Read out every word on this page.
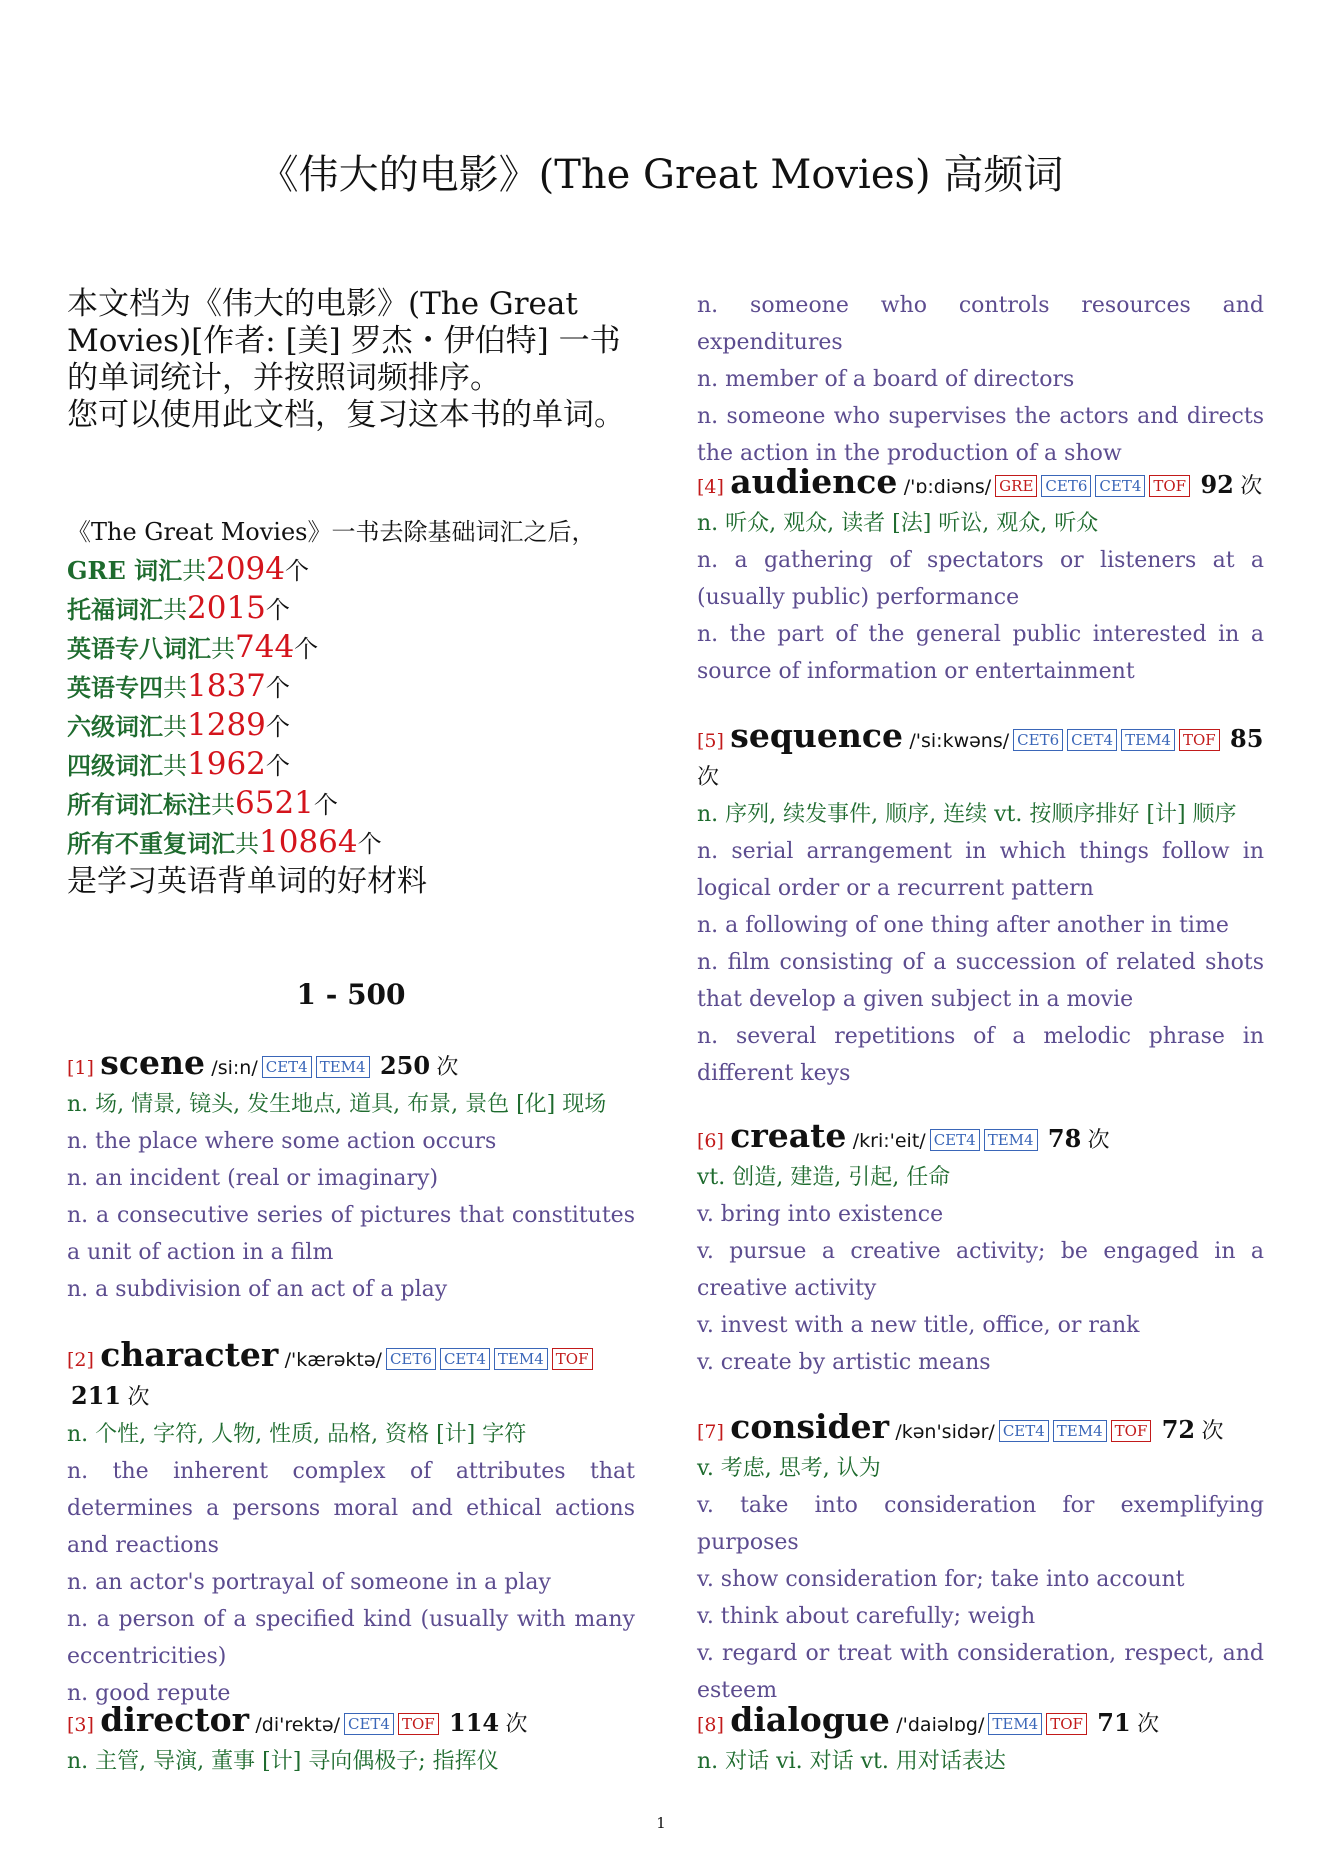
《伟大的电影》(The Great Movies) 高频词
本文档为《伟大的电影》(The Great Movies)[作者: [美] 罗杰・伊伯特] 一书的单词统计，并按照词频排序。
您可以使用此文档，复习这本书的单词。
《The Great Movies》一书去除基础词汇之后，
GRE 词汇共2094个
托福词汇共2015个
英语专八词汇共744个
英语专四共1837个
六级词汇共1289个
四级词汇共1962个
所有词汇标注共6521个
所有不重复词汇共10864个
是学习英语背单词的好材料
1 - 500
[1] scene /si:n/ CET4 TEM4 250 次
n. 场, 情景, 镜头, 发生地点, 道具, 布景, 景色 [化] 现场
n. the place where some action occurs
n. an incident (real or imaginary)
n. a consecutive series of pictures that constitutes a unit of action in a film
n. a subdivision of an act of a play
[2] character /'kærəktə/ CET6 CET4 TEM4 TOF 211 次
n. 个性, 字符, 人物, 性质, 品格, 资格 [计] 字符
n. the inherent complex of attributes that determines a persons moral and ethical actions and reactions
n. an actor's portrayal of someone in a play
n. a person of a specified kind (usually with many eccentricities)
n. good repute
[3] director /di'rektə/ CET4 TOF 114 次
n. 主管, 导演, 董事 [计] 寻向偶极子; 指挥仪
n. someone who controls resources and expenditures
n. member of a board of directors
n. someone who supervises the actors and directs the action in the production of a show
[4] audience /'ɒ:diəns/ GRE CET6 CET4 TOF 92 次
n. 听众, 观众, 读者 [法] 听讼, 观众, 听众
n. a gathering of spectators or listeners at a (usually public) performance
n. the part of the general public interested in a source of information or entertainment
[5] sequence /'si:kwəns/ CET6 CET4 TEM4 TOF 85 次
n. 序列, 续发事件, 顺序, 连续 vt. 按顺序排好 [计] 顺序
n. serial arrangement in which things follow in logical order or a recurrent pattern
n. a following of one thing after another in time
n. film consisting of a succession of related shots that develop a given subject in a movie
n. several repetitions of a melodic phrase in different keys
[6] create /kri:'eit/ CET4 TEM4 78 次
vt. 创造, 建造, 引起, 任命
v. bring into existence
v. pursue a creative activity; be engaged in a creative activity
v. invest with a new title, office, or rank
v. create by artistic means
[7] consider /kən'sidər/ CET4 TEM4 TOF 72 次
v. 考虑, 思考, 认为
v. take into consideration for exemplifying purposes
v. show consideration for; take into account
v. think about carefully; weigh
v. regard or treat with consideration, respect, and esteem
[8] dialogue /'daiəlɒg/ TEM4 TOF 71 次
n. 对话 vi. 对话 vt. 用对话表达
1
